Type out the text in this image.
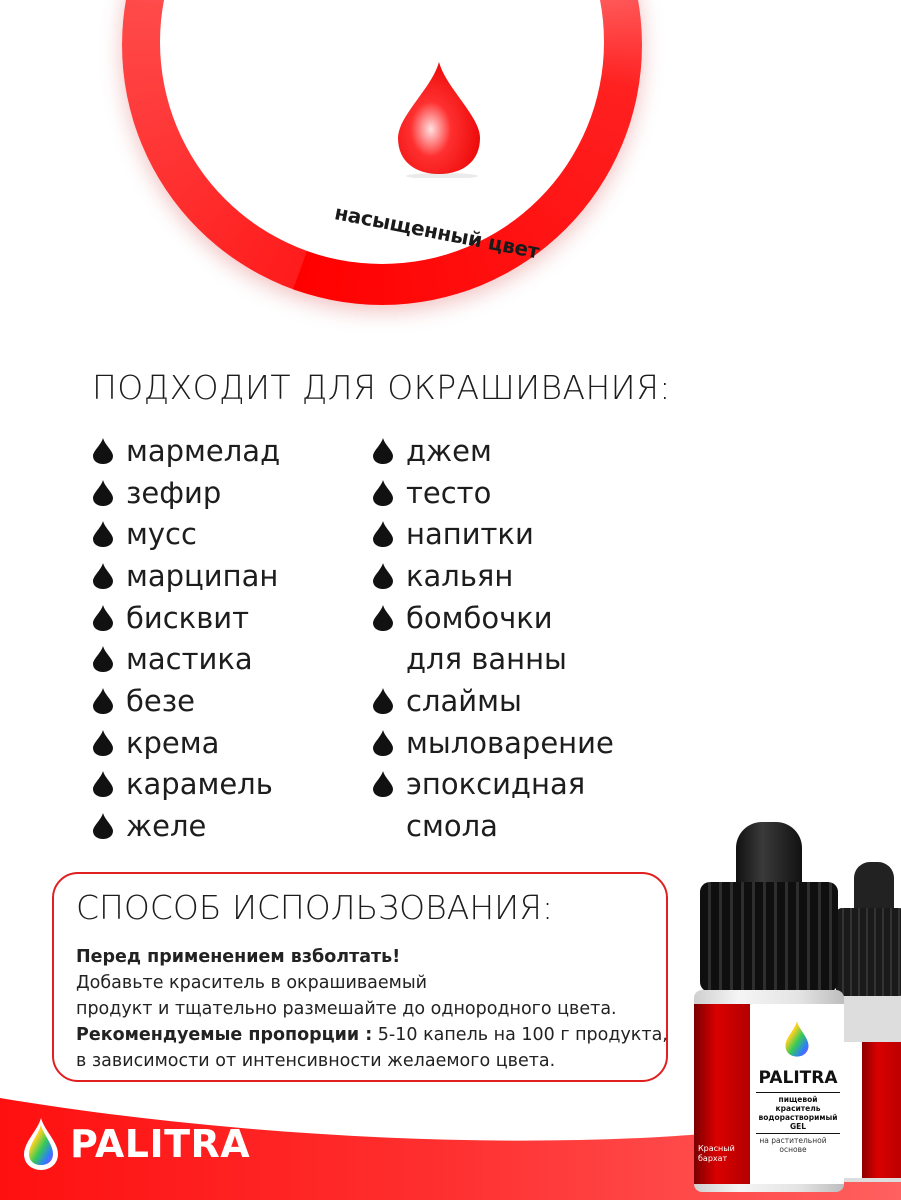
насыщенный цвет
ПОДХОДИТ ДЛЯ ОКРАШИВАНИЯ:
мармелад
зефир
мусс
марципан
бисквит
мастика
безе
крема
карамель
желе
джем
тесто
напитки
кальян
бомбочки
для ванны
слаймы
мыловарение
эпоксидная
смола
СПОСОБ ИСПОЛЬЗОВАНИЯ:
Перед применением взболтать!
Добавьте краситель в окрашиваемый
продукт и тщательно размешайте до однородного цвета.
Рекомендуемые пропорции : 5-10 капель на 100 г продукта,
в зависимости от интенсивности желаемого цвета.
PALITRA
PALITRA
пищевой краситель
водорастворимый
GEL
Красный
бархат
на растительной
основе
